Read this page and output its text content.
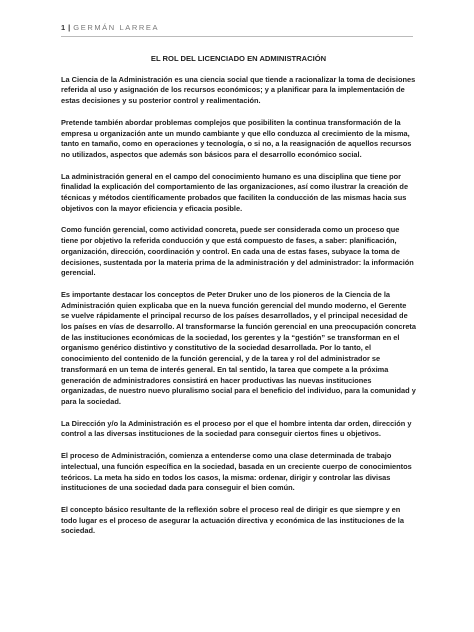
1 | GERMÁN LARREA
EL ROL DEL LICENCIADO EN ADMINISTRACIÓN

La Ciencia de la Administración es una ciencia social que tiende a racionalizar la toma de decisiones referida al uso y asignación de los recursos económicos; y a planificar para la implementación de estas decisiones y su posterior control y realimentación.

Pretende también abordar problemas complejos que posibiliten la continua transformación de la empresa u organización ante un mundo cambiante y que ello conduzca al crecimiento de la misma, tanto en tamaño, como en operaciones y tecnología, o si no, a la reasignación de aquellos recursos no utilizados, aspectos que además son básicos para el desarrollo económico social.

La administración general en el campo del conocimiento humano es una disciplina que tiene por finalidad la explicación del comportamiento de las organizaciones, así como ilustrar la creación de técnicas y métodos científicamente probados que faciliten la conducción de las mismas hacia sus objetivos con la mayor eficiencia y eficacia posible.

Como función gerencial, como actividad concreta, puede ser considerada como un proceso que tiene por objetivo la referida conducción y que está compuesto de fases, a saber: planificación, organización, dirección, coordinación y control. En cada una de estas fases, subyace la toma de decisiones, sustentada por la materia prima de la administración y del administrador: la información gerencial.

Es importante destacar los conceptos de Peter Druker uno de los pioneros de la Ciencia de la Administración quien explicaba que en la nueva función gerencial del mundo moderno, el Gerente se vuelve rápidamente el principal recurso de los países desarrollados, y el principal necesidad de los países en vías de desarrollo. Al transformarse la función gerencial en una preocupación concreta de las instituciones económicas de la sociedad, los gerentes y la “gestión” se transforman en el organismo genérico distintivo y constitutivo de la sociedad desarrollada. Por lo tanto, el conocimiento del contenido de la función gerencial, y de la tarea y rol del administrador se transformará en un tema de interés general. En tal sentido, la tarea que compete a la próxima generación de administradores consistirá en hacer productivas las nuevas instituciones organizadas, de nuestro nuevo pluralismo social para el beneficio del individuo, para la comunidad y para la sociedad.

La Dirección y/o la Administración es el proceso por el que el hombre intenta dar orden, dirección y control a las diversas instituciones de la sociedad para conseguir ciertos fines u objetivos.

El proceso de Administración, comienza a entenderse como una clase determinada de trabajo intelectual, una función específica en la sociedad, basada en un creciente cuerpo de conocimientos teóricos. La meta ha sido en todos los casos, la misma: ordenar, dirigir y controlar las divisas instituciones de una sociedad dada para conseguir el bien común.

El concepto básico resultante de la reflexión sobre el proceso real de dirigir es que siempre y en todo lugar es el proceso de asegurar la actuación directiva y económica de las instituciones de la sociedad.
